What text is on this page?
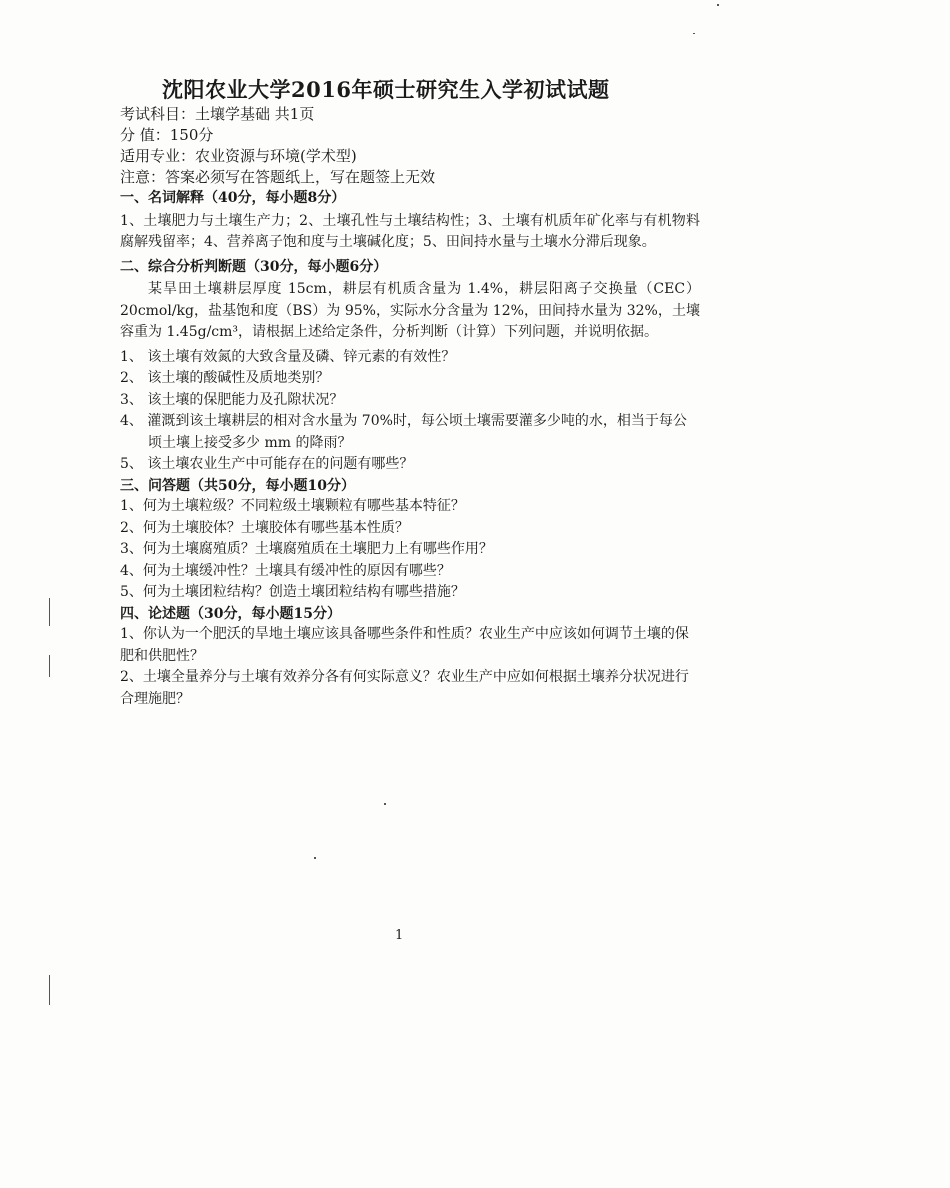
沈阳农业大学2016年硕士研究生入学初试试题
考试科目：土壤学基础 共1页
分 值：150分
适用专业：农业资源与环境(学术型)
注意：答案必须写在答题纸上，写在题签上无效
一、名词解释（40分，每小题8分）
1、土壤肥力与土壤生产力；2、土壤孔性与土壤结构性；3、土壤有机质年矿化率与有机物料腐解残留率；4、营养离子饱和度与土壤碱化度；5、田间持水量与土壤水分滞后现象。
二、综合分析判断题（30分，每小题6分）
某旱田土壤耕层厚度 15cm，耕层有机质含量为 1.4%，耕层阳离子交换量（CEC）20cmol/kg，盐基饱和度（BS）为 95%，实际水分含量为 12%，田间持水量为 32%，土壤容重为 1.45g/cm³，请根据上述给定条件，分析判断（计算）下列问题，并说明依据。
1、 该土壤有效氮的大致含量及磷、锌元素的有效性？
2、 该土壤的酸碱性及质地类别？
3、 该土壤的保肥能力及孔隙状况？
4、 灌溉到该土壤耕层的相对含水量为 70%时，每公顷土壤需要灌多少吨的水，相当于每公顷土壤上接受多少 mm 的降雨？
5、 该土壤农业生产中可能存在的问题有哪些？
三、问答题（共50分，每小题10分）
1、何为土壤粒级？不同粒级土壤颗粒有哪些基本特征？
2、何为土壤胶体？土壤胶体有哪些基本性质？
3、何为土壤腐殖质？土壤腐殖质在土壤肥力上有哪些作用？
4、何为土壤缓冲性？土壤具有缓冲性的原因有哪些？
5、何为土壤团粒结构？创造土壤团粒结构有哪些措施？
四、论述题（30分，每小题15分）
1、你认为一个肥沃的旱地土壤应该具备哪些条件和性质？农业生产中应该如何调节土壤的保肥和供肥性？
2、土壤全量养分与土壤有效养分各有何实际意义？农业生产中应如何根据土壤养分状况进行合理施肥？
1
